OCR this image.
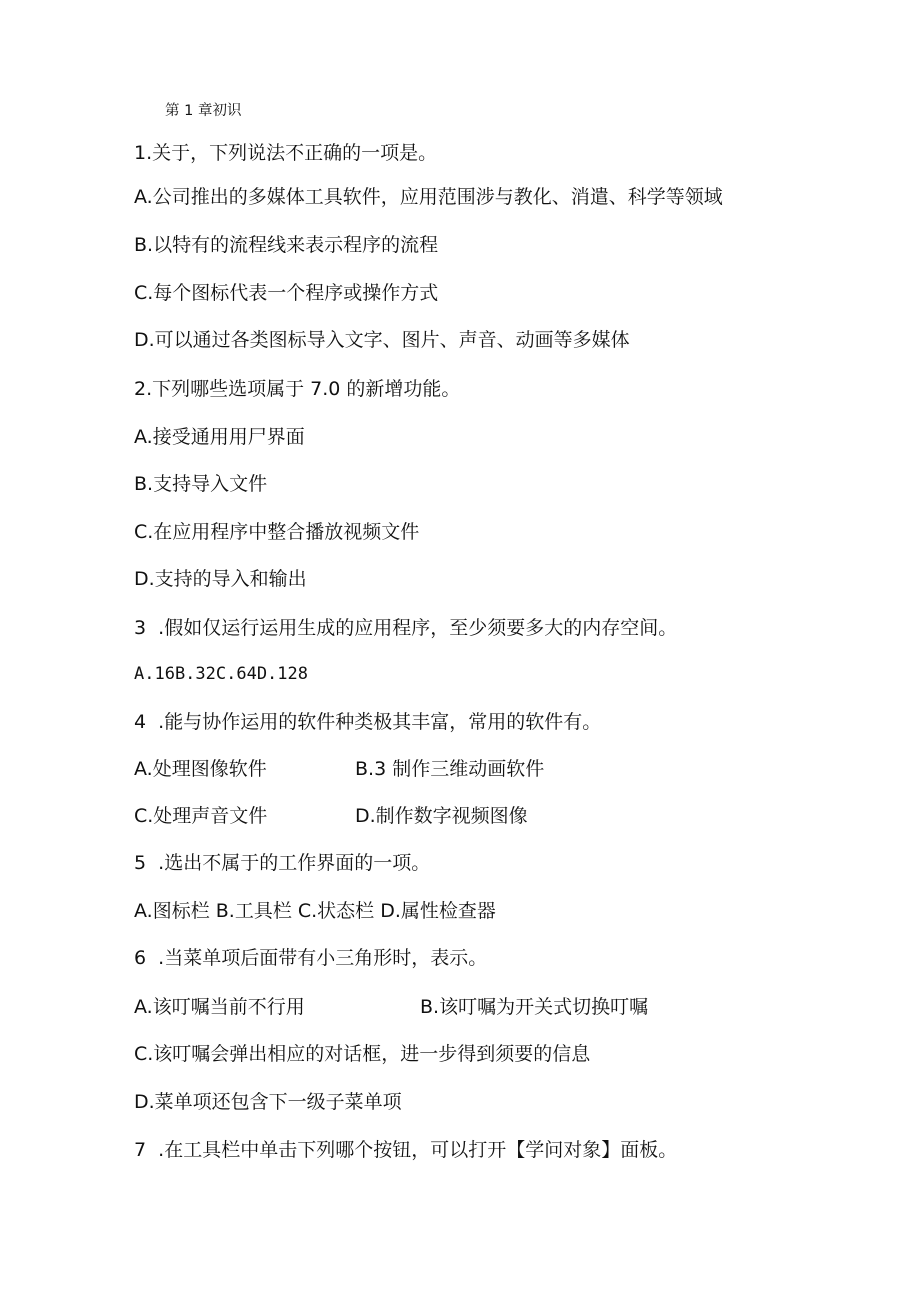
第 1 章初识
1.关于，下列说法不正确的一项是。
A.公司推出的多媒体工具软件，应用范围涉与教化、消遣、科学等领域
B.以特有的流程线来表示程序的流程
C.每个图标代表一个程序或操作方式
D.可以通过各类图标导入文字、图片、声音、动画等多媒体
2.下列哪些选项属于 7.0 的新增功能。
A.接受通用用尸界面
B.支持导入文件
C.在应用程序中整合播放视频文件
D.支持的导入和输出
3  .假如仅运行运用生成的应用程序，至少须要多大的内存空间。
A.16B.32C.64D.128
4  .能与协作运用的软件种类极其丰富，常用的软件有。
A.处理图像软件	B.3 制作三维动画软件
C.处理声音文件	D.制作数字视频图像
5  .选出不属于的工作界面的一项。
A.图标栏 B.工具栏 C.状态栏 D.属性检查器
6  .当菜单项后面带有小三角形时，表示。
A.该叮嘱当前不行用	B.该叮嘱为开关式切换叮嘱
C.该叮嘱会弹出相应的对话框，进一步得到须要的信息
D.菜单项还包含下一级子菜单项
7  .在工具栏中单击下列哪个按钮，可以打开【学问对象】面板。
